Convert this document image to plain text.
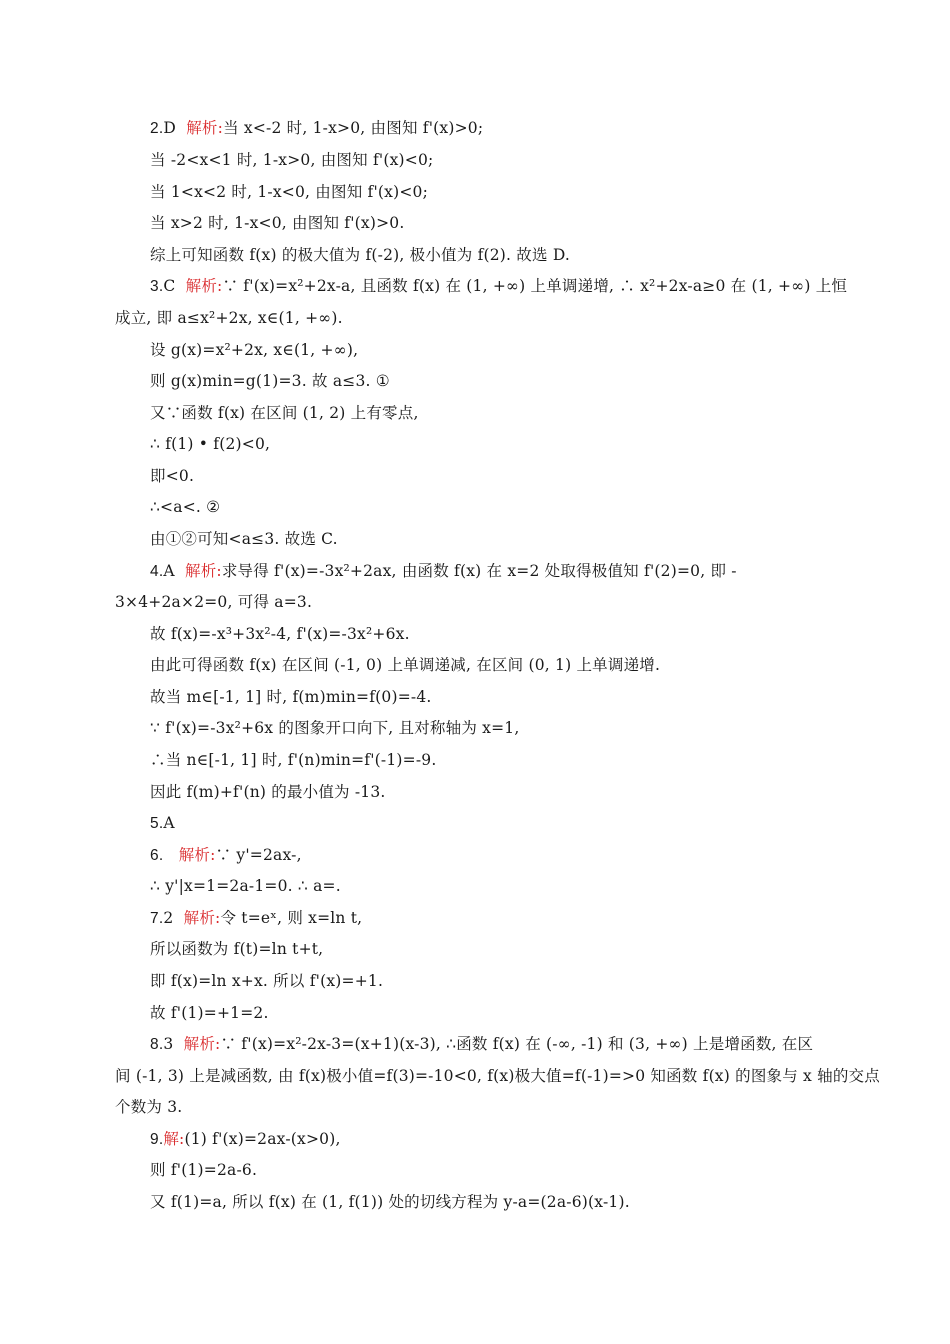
2.D 解析:当 x<-2 时, 1-x>0, 由图知 f'(x)>0;
当 -2<x<1 时, 1-x>0, 由图知 f'(x)<0;
当 1<x<2 时, 1-x<0, 由图知 f'(x)<0;
当 x>2 时, 1-x<0, 由图知 f'(x)>0.
综上可知函数 f(x) 的极大值为 f(-2), 极小值为 f(2). 故选 D.
3.C 解析:∵ f'(x)=x²+2x-a, 且函数 f(x) 在 (1, +∞) 上单调递增, ∴ x²+2x-a≥0 在 (1, +∞) 上恒
成立, 即 a≤x²+2x, x∈(1, +∞).
设 g(x)=x²+2x, x∈(1, +∞),
则 g(x)min=g(1)=3. 故 a≤3. ①
又∵函数 f(x) 在区间 (1, 2) 上有零点,
∴ f(1) • f(2)<0,
即<0.
∴<a<. ②
由①②可知<a≤3. 故选 C.
4.A 解析:求导得 f'(x)=-3x²+2ax, 由函数 f(x) 在 x=2 处取得极值知 f'(2)=0, 即 -
3×4+2a×2=0, 可得 a=3.
故 f(x)=-x³+3x²-4, f'(x)=-3x²+6x.
由此可得函数 f(x) 在区间 (-1, 0) 上单调递减, 在区间 (0, 1) 上单调递增.
故当 m∈[-1, 1] 时, f(m)min=f(0)=-4.
∵ f'(x)=-3x²+6x 的图象开口向下, 且对称轴为 x=1,
∴当 n∈[-1, 1] 时, f'(n)min=f'(-1)=-9.
因此 f(m)+f'(n) 的最小值为 -13.
5.A
6. 解析:∵ y'=2ax-,
∴ y'|x=1=2a-1=0. ∴ a=.
7.2 解析:令 t=eˣ, 则 x=ln t,
所以函数为 f(t)=ln t+t,
即 f(x)=ln x+x. 所以 f'(x)=+1.
故 f'(1)=+1=2.
8.3 解析:∵ f'(x)=x²-2x-3=(x+1)(x-3), ∴函数 f(x) 在 (-∞, -1) 和 (3, +∞) 上是增函数, 在区
间 (-1, 3) 上是减函数, 由 f(x)极小值=f(3)=-10<0, f(x)极大值=f(-1)=>0 知函数 f(x) 的图象与 x 轴的交点
个数为 3.
9.解:(1) f'(x)=2ax-(x>0),
则 f'(1)=2a-6.
又 f(1)=a, 所以 f(x) 在 (1, f(1)) 处的切线方程为 y-a=(2a-6)(x-1).
